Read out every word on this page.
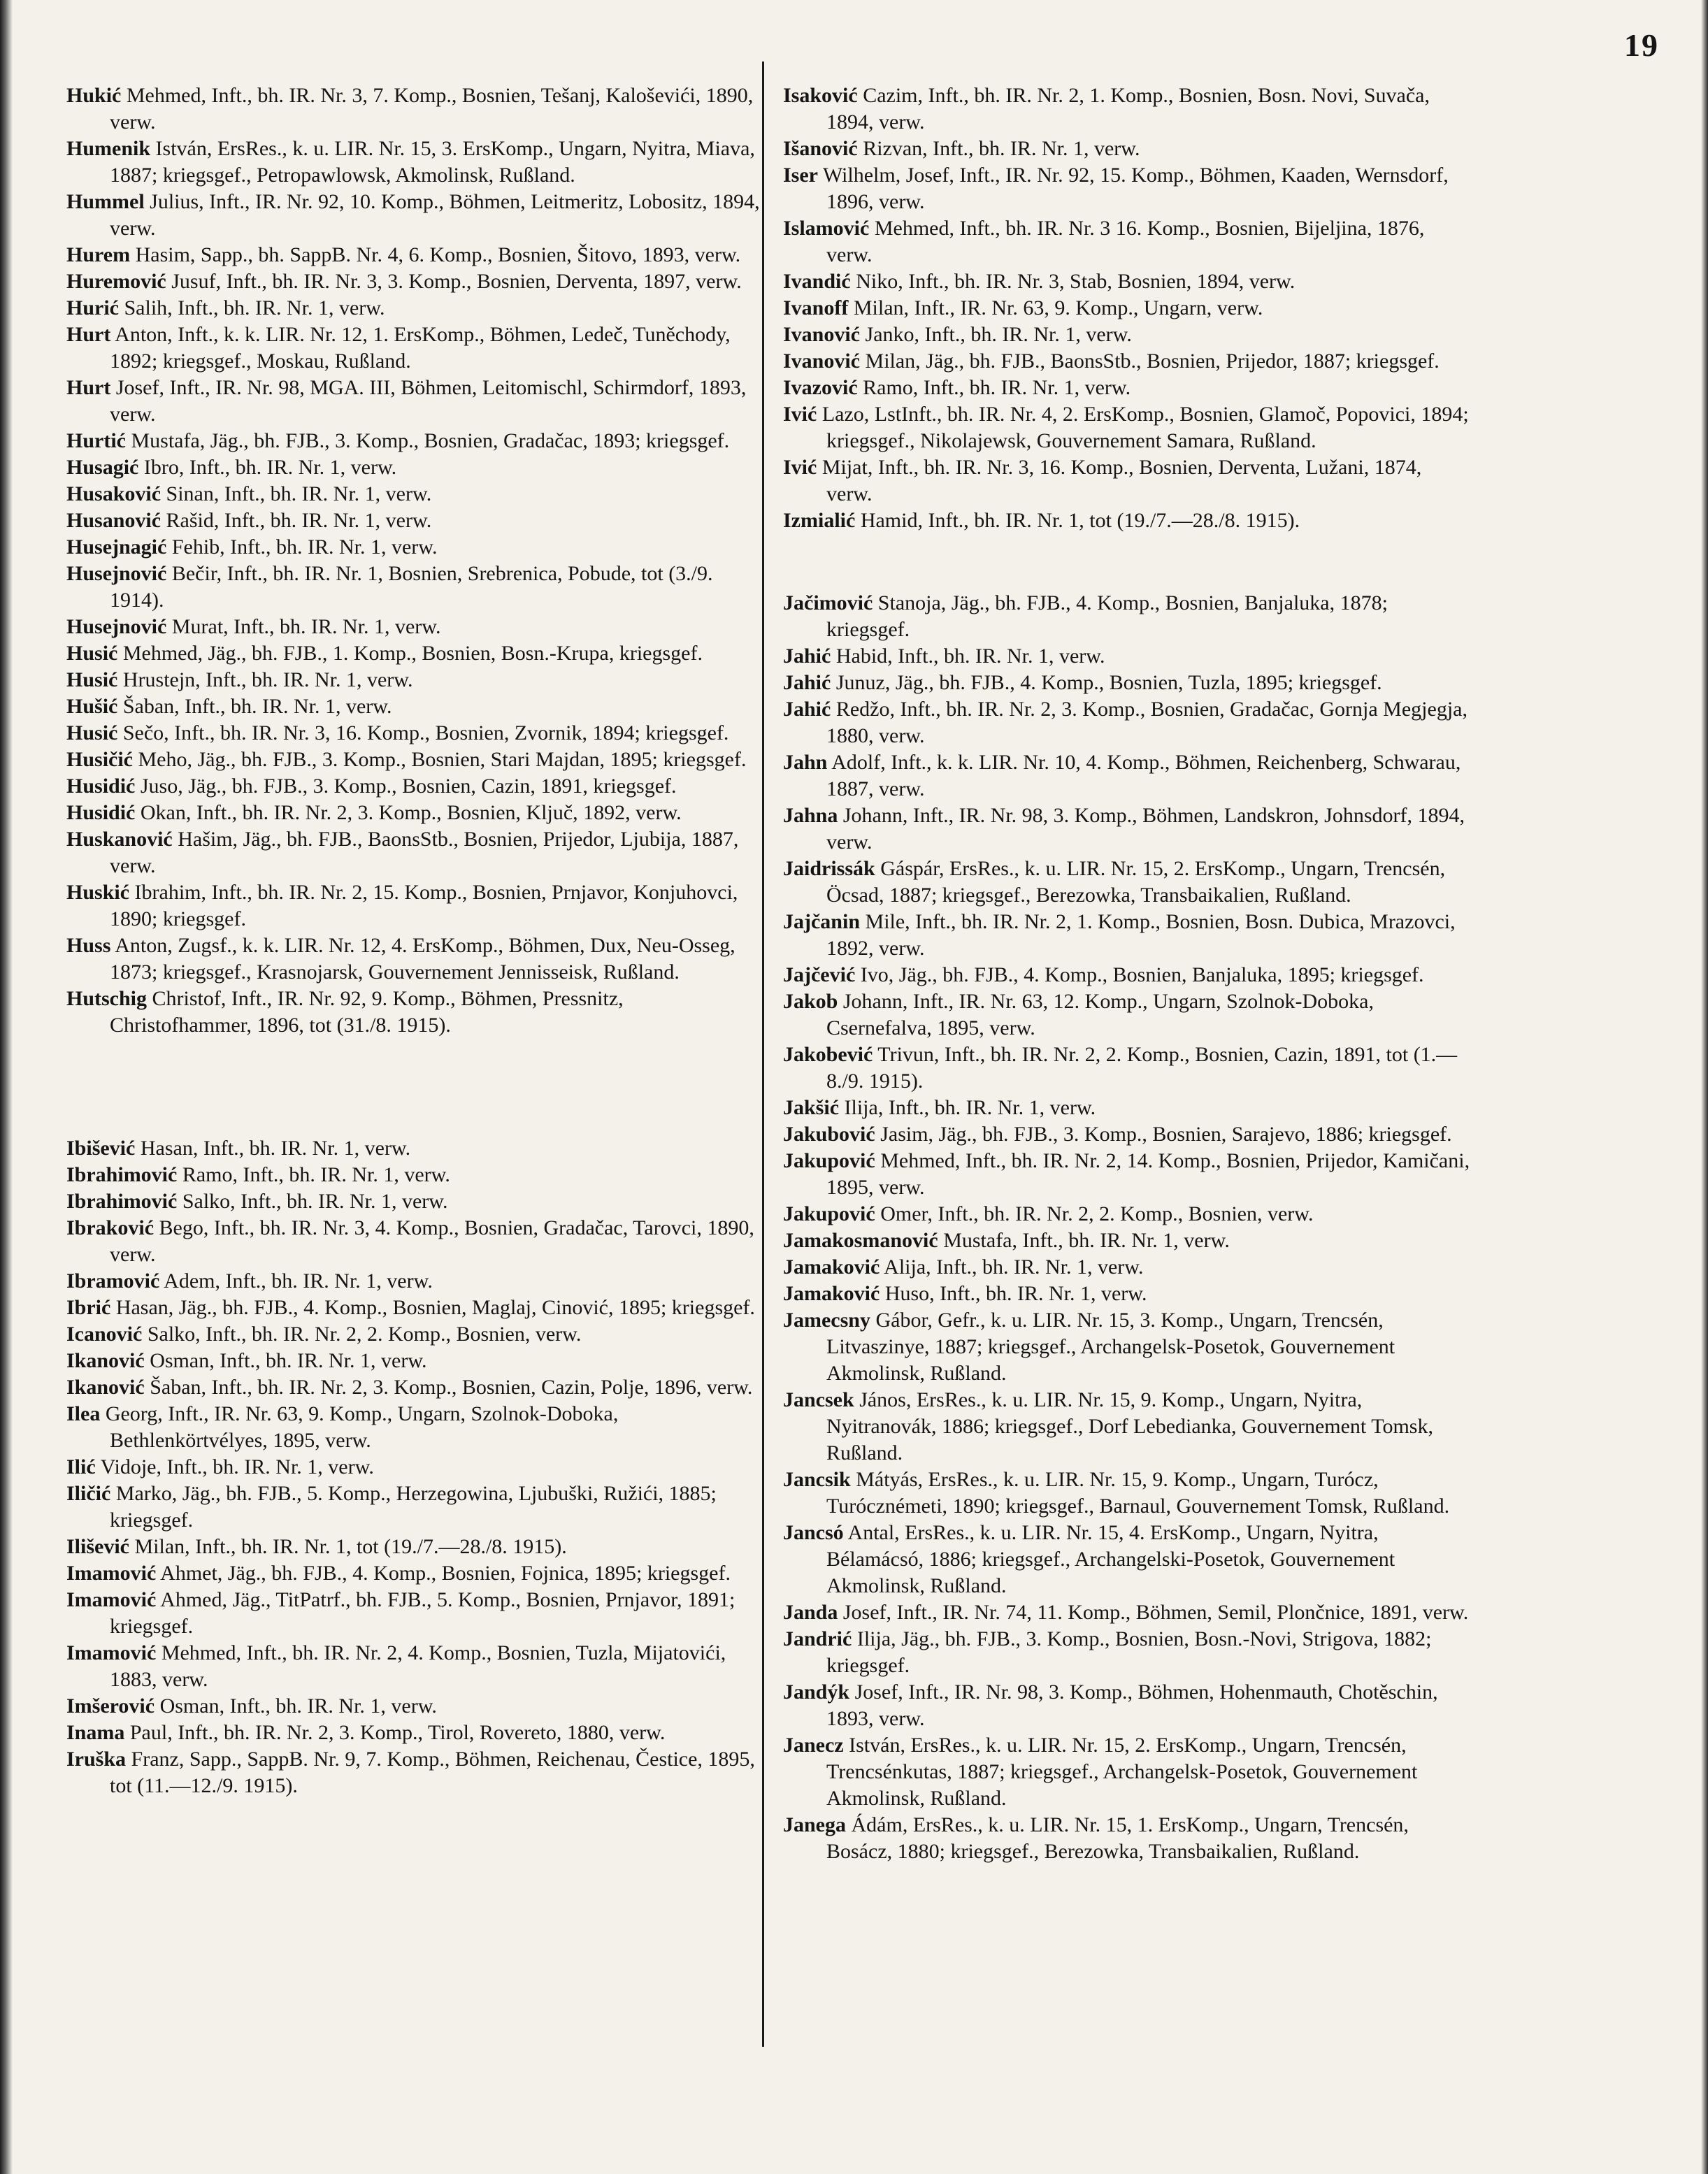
19

Hukić Mehmed, Inft., bh. IR. Nr. 3, 7. Komp., Bosnien, Tešanj, Kaloševići, 1890, verw.

Humenik István, ErsRes., k. u. LIR. Nr. 15, 3. ErsKomp., Ungarn, Nyitra, Miava, 1887; kriegsgef., Petropawlowsk, Akmolinsk, Rußland.

Hummel Julius, Inft., IR. Nr. 92, 10. Komp., Böhmen, Leitmeritz, Lobositz, 1894, verw.

Hurem Hasim, Sapp., bh. SappB. Nr. 4, 6. Komp., Bosnien, Šitovo, 1893, verw.

Huremović Jusuf, Inft., bh. IR. Nr. 3, 3. Komp., Bosnien, Derventa, 1897, verw.

Hurić Salih, Inft., bh. IR. Nr. 1, verw.

Hurt Anton, Inft., k. k. LIR. Nr. 12, 1. ErsKomp., Böhmen, Ledeč, Tuněchody, 1892; kriegsgef., Moskau, Rußland.

Hurt Josef, Inft., IR. Nr. 98, MGA. III, Böhmen, Leitomischl, Schirmdorf, 1893, verw.

Hurtić Mustafa, Jäg., bh. FJB., 3. Komp., Bosnien, Gradačac, 1893; kriegsgef.

Husagić Ibro, Inft., bh. IR. Nr. 1, verw.

Husaković Sinan, Inft., bh. IR. Nr. 1, verw.

Husanović Rašid, Inft., bh. IR. Nr. 1, verw.

Husejnagić Fehib, Inft., bh. IR. Nr. 1, verw.

Husejnović Bečir, Inft., bh. IR. Nr. 1, Bosnien, Srebrenica, Pobude, tot (3./9. 1914).

Husejnović Murat, Inft., bh. IR. Nr. 1, verw.

Husić Mehmed, Jäg., bh. FJB., 1. Komp., Bosnien, Bosn.-Krupa, kriegsgef.

Husić Hrustejn, Inft., bh. IR. Nr. 1, verw.

Hušić Šaban, Inft., bh. IR. Nr. 1, verw.

Husić Sečo, Inft., bh. IR. Nr. 3, 16. Komp., Bosnien, Zvornik, 1894; kriegsgef.

Husičić Meho, Jäg., bh. FJB., 3. Komp., Bosnien, Stari Majdan, 1895; kriegsgef.

Husidić Juso, Jäg., bh. FJB., 3. Komp., Bosnien, Cazin, 1891, kriegsgef.

Husidić Okan, Inft., bh. IR. Nr. 2, 3. Komp., Bosnien, Ključ, 1892, verw.

Huskanović Hašim, Jäg., bh. FJB., BaonsStb., Bosnien, Prijedor, Ljubija, 1887, verw.

Huskić Ibrahim, Inft., bh. IR. Nr. 2, 15. Komp., Bosnien, Prnjavor, Konjuhovci, 1890; kriegsgef.

Huss Anton, Zugsf., k. k. LIR. Nr. 12, 4. ErsKomp., Böhmen, Dux, Neu-Osseg, 1873; kriegsgef., Krasnojarsk, Gouvernement Jennisseisk, Rußland.

Hutschig Christof, Inft., IR. Nr. 92, 9. Komp., Böhmen, Pressnitz, Christofhammer, 1896, tot (31./8. 1915).

Ibišević Hasan, Inft., bh. IR. Nr. 1, verw.

Ibrahimović Ramo, Inft., bh. IR. Nr. 1, verw.

Ibrahimović Salko, Inft., bh. IR. Nr. 1, verw.

Ibraković Bego, Inft., bh. IR. Nr. 3, 4. Komp., Bosnien, Gradačac, Tarovci, 1890, verw.

Ibramović Adem, Inft., bh. IR. Nr. 1, verw.

Ibrić Hasan, Jäg., bh. FJB., 4. Komp., Bosnien, Maglaj, Cinović, 1895; kriegsgef.

Icanović Salko, Inft., bh. IR. Nr. 2, 2. Komp., Bosnien, verw.

Ikanović Osman, Inft., bh. IR. Nr. 1, verw.

Ikanović Šaban, Inft., bh. IR. Nr. 2, 3. Komp., Bosnien, Cazin, Polje, 1896, verw.

Ilea Georg, Inft., IR. Nr. 63, 9. Komp., Ungarn, Szolnok-Doboka, Bethlenkörtvélyes, 1895, verw.

Ilić Vidoje, Inft., bh. IR. Nr. 1, verw.

Iličić Marko, Jäg., bh. FJB., 5. Komp., Herzegowina, Ljubuški, Ružići, 1885; kriegsgef.

Ilišević Milan, Inft., bh. IR. Nr. 1, tot (19./7.—28./8. 1915).

Imamović Ahmet, Jäg., bh. FJB., 4. Komp., Bosnien, Fojnica, 1895; kriegsgef.

Imamović Ahmed, Jäg., TitPatrf., bh. FJB., 5. Komp., Bosnien, Prnjavor, 1891; kriegsgef.

Imamović Mehmed, Inft., bh. IR. Nr. 2, 4. Komp., Bosnien, Tuzla, Mijatovići, 1883, verw.

Imšerović Osman, Inft., bh. IR. Nr. 1, verw.

Inama Paul, Inft., bh. IR. Nr. 2, 3. Komp., Tirol, Rovereto, 1880, verw.

Iruška Franz, Sapp., SappB. Nr. 9, 7. Komp., Böhmen, Reichenau, Čestice, 1895, tot (11.—12./9. 1915).

Isaković Cazim, Inft., bh. IR. Nr. 2, 1. Komp., Bosnien, Bosn. Novi, Suvača, 1894, verw.

Išanović Rizvan, Inft., bh. IR. Nr. 1, verw.

Iser Wilhelm, Josef, Inft., IR. Nr. 92, 15. Komp., Böhmen, Kaaden, Wernsdorf, 1896, verw.

Islamović Mehmed, Inft., bh. IR. Nr. 3 16. Komp., Bosnien, Bijeljina, 1876, verw.

Ivandić Niko, Inft., bh. IR. Nr. 3, Stab, Bosnien, 1894, verw.

Ivanoff Milan, Inft., IR. Nr. 63, 9. Komp., Ungarn, verw.

Ivanović Janko, Inft., bh. IR. Nr. 1, verw.

Ivanović Milan, Jäg., bh. FJB., BaonsStb., Bosnien, Prijedor, 1887; kriegsgef.

Ivazović Ramo, Inft., bh. IR. Nr. 1, verw.

Ivić Lazo, LstInft., bh. IR. Nr. 4, 2. ErsKomp., Bosnien, Glamoč, Popovici, 1894; kriegsgef., Nikolajewsk, Gouvernement Samara, Rußland.

Ivić Mijat, Inft., bh. IR. Nr. 3, 16. Komp., Bosnien, Derventa, Lužani, 1874, verw.

Izmialić Hamid, Inft., bh. IR. Nr. 1, tot (19./7.—28./8. 1915).

Jačimović Stanoja, Jäg., bh. FJB., 4. Komp., Bosnien, Banjaluka, 1878; kriegsgef.

Jahić Habid, Inft., bh. IR. Nr. 1, verw.

Jahić Junuz, Jäg., bh. FJB., 4. Komp., Bosnien, Tuzla, 1895; kriegsgef.

Jahić Redžo, Inft., bh. IR. Nr. 2, 3. Komp., Bosnien, Gradačac, Gornja Megjegja, 1880, verw.

Jahn Adolf, Inft., k. k. LIR. Nr. 10, 4. Komp., Böhmen, Reichenberg, Schwarau, 1887, verw.

Jahna Johann, Inft., IR. Nr. 98, 3. Komp., Böhmen, Landskron, Johnsdorf, 1894, verw.

Jaidrissák Gáspár, ErsRes., k. u. LIR. Nr. 15, 2. ErsKomp., Ungarn, Trencsén, Öcsad, 1887; kriegsgef., Berezowka, Transbaikalien, Rußland.

Jajčanin Mile, Inft., bh. IR. Nr. 2, 1. Komp., Bosnien, Bosn. Dubica, Mrazovci, 1892, verw.

Jajčević Ivo, Jäg., bh. FJB., 4. Komp., Bosnien, Banjaluka, 1895; kriegsgef.

Jakob Johann, Inft., IR. Nr. 63, 12. Komp., Ungarn, Szolnok-Doboka, Csernefalva, 1895, verw.

Jakobević Trivun, Inft., bh. IR. Nr. 2, 2. Komp., Bosnien, Cazin, 1891, tot (1.—8./9. 1915).

Jakšić Ilija, Inft., bh. IR. Nr. 1, verw.

Jakubović Jasim, Jäg., bh. FJB., 3. Komp., Bosnien, Sarajevo, 1886; kriegsgef.

Jakupović Mehmed, Inft., bh. IR. Nr. 2, 14. Komp., Bosnien, Prijedor, Kamičani, 1895, verw.

Jakupović Omer, Inft., bh. IR. Nr. 2, 2. Komp., Bosnien, verw.

Jamakosmanović Mustafa, Inft., bh. IR. Nr. 1, verw.

Jamaković Alija, Inft., bh. IR. Nr. 1, verw.

Jamaković Huso, Inft., bh. IR. Nr. 1, verw.

Jamecsny Gábor, Gefr., k. u. LIR. Nr. 15, 3. Komp., Ungarn, Trencsén, Litvaszinye, 1887; kriegsgef., Archangelsk-Posetok, Gouvernement Akmolinsk, Rußland.

Jancsek János, ErsRes., k. u. LIR. Nr. 15, 9. Komp., Ungarn, Nyitra, Nyitranovák, 1886; kriegsgef., Dorf Lebedianka, Gouvernement Tomsk, Rußland.

Jancsik Mátyás, ErsRes., k. u. LIR. Nr. 15, 9. Komp., Ungarn, Turócz, Turócznémeti, 1890; kriegsgef., Barnaul, Gouvernement Tomsk, Rußland.

Jancsó Antal, ErsRes., k. u. LIR. Nr. 15, 4. ErsKomp., Ungarn, Nyitra, Bélamácsó, 1886; kriegsgef., Archangelski-Posetok, Gouvernement Akmolinsk, Rußland.

Janda Josef, Inft., IR. Nr. 74, 11. Komp., Böhmen, Semil, Plončnice, 1891, verw.

Jandrić Ilija, Jäg., bh. FJB., 3. Komp., Bosnien, Bosn.-Novi, Strigova, 1882; kriegsgef.

Jandýk Josef, Inft., IR. Nr. 98, 3. Komp., Böhmen, Hohenmauth, Chotěschin, 1893, verw.

Janecz István, ErsRes., k. u. LIR. Nr. 15, 2. ErsKomp., Ungarn, Trencsén, Trencsénkutas, 1887; kriegsgef., Archangelsk-Posetok, Gouvernement Akmolinsk, Rußland.

Janega Ádám, ErsRes., k. u. LIR. Nr. 15, 1. ErsKomp., Ungarn, Trencsén, Bosácz, 1880; kriegsgef., Berezowka, Transbaikalien, Rußland.
